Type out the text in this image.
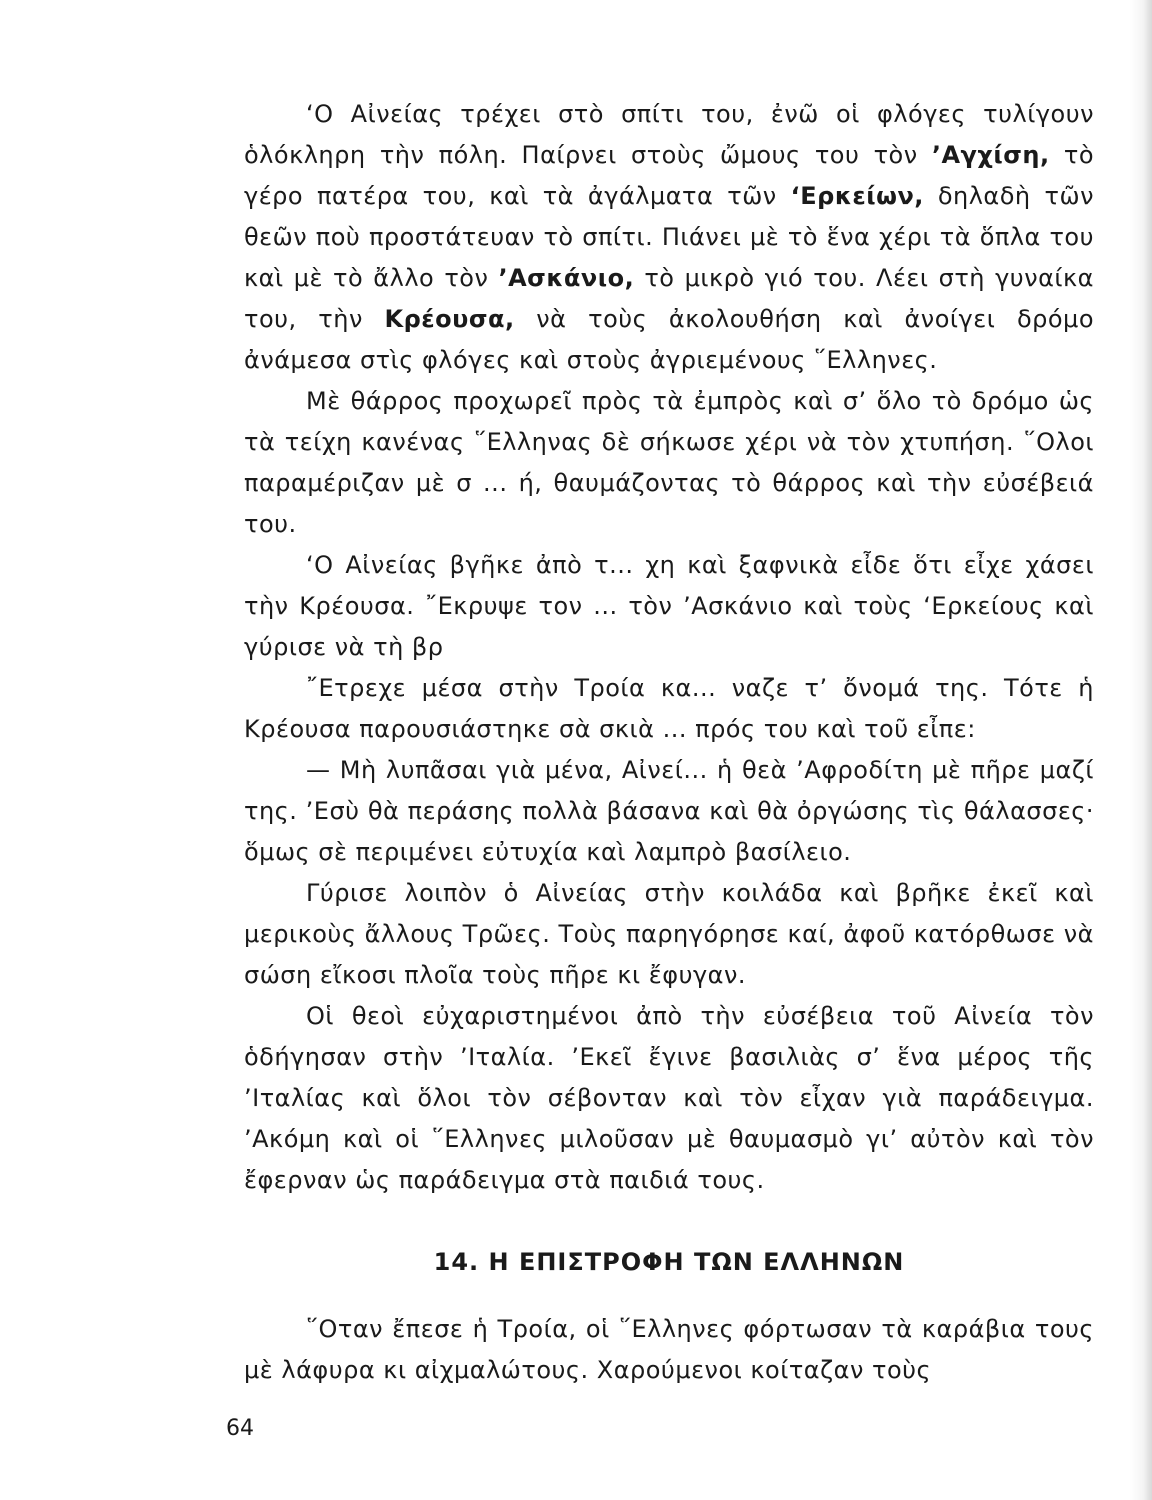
‘Ο Αἰνείας τρέχει στὸ σπίτι του, ἐνῶ οἱ φλόγες τυλίγουν ὁλόκληρη τὴν πόλη. Παίρνει στοὺς ὤμους του τὸν ’Αγχίση, τὸ γέρο πατέρα του, καὶ τὰ ἀγάλματα τῶν ‘Ερκείων, δηλαδὴ τῶν θεῶν ποὺ προστάτευαν τὸ σπίτι. Πιάνει μὲ τὸ ἕνα χέρι τὰ ὅπλα του καὶ μὲ τὸ ἄλλο τὸν ’Ασκάνιο, τὸ μικρὸ γιό του. Λέει στὴ γυναίκα του, τὴν Κρέουσα, νὰ τοὺς ἀκολουθήση καὶ ἀνοίγει δρόμο ἀνάμεσα στὶς φλόγες καὶ στοὺς ἀγριεμένους ῞Ελληνες.

Μὲ θάρρος προχωρεῖ πρὸς τὰ ἐμπρὸς καὶ σ’ ὅλο τὸ δρόμο ὡς τὰ τείχη κανένας ῞Ελληνας δὲ σήκωσε χέρι νὰ τὸν χτυπήση. ῞Ολοι παραμέριζαν μὲ σ ... ή, θαυμάζοντας τὸ θάρρος καὶ τὴν εὐσέβειά του.

‘Ο Αἰνείας βγῆκε ἀπὸ τ... χη καὶ ξαφνικὰ εἶδε ὅτι εἶχε χάσει τὴν Κρέουσα. ῎Εκρυψε τον ... τὸν ’Ασκάνιο καὶ τοὺς ‘Ερκείους καὶ γύρισε νὰ τὴ βρ

῎Ετρεχε μέσα στὴν Τροία κα... ναζε τ’ ὄνομά της. Τότε ἡ Κρέουσα παρουσιάστηκε σὰ σκιὰ ... πρός του καὶ τοῦ εἶπε:

— Μὴ λυπᾶσαι γιὰ μένα, Αἰνεί... ἡ θεὰ ’Αφροδίτη μὲ πῆρε μαζί της. ’Εσὺ θὰ περάσης πολλὰ βάσανα καὶ θὰ ὀργώσης τὶς θάλασσες· ὅμως σὲ περιμένει εὐτυχία καὶ λαμπρὸ βασίλειο.

Γύρισε λοιπὸν ὁ Αἰνείας στὴν κοιλάδα καὶ βρῆκε ἐκεῖ καὶ μερικοὺς ἄλλους Τρῶες. Τοὺς παρηγόρησε καί, ἀφοῦ κατόρθωσε νὰ σώση εἴκοσι πλοῖα τοὺς πῆρε κι ἔφυγαν.

Οἱ θεοὶ εὐχαριστημένοι ἀπὸ τὴν εὐσέβεια τοῦ Αἰνεία τὸν ὁδήγησαν στὴν ’Ιταλία. ’Εκεῖ ἔγινε βασιλιὰς σ’ ἕνα μέρος τῆς ’Ιταλίας καὶ ὅλοι τὸν σέβονταν καὶ τὸν εἶχαν γιὰ παράδειγμα. ’Ακόμη καὶ οἱ ῞Ελληνες μιλοῦσαν μὲ θαυμασμὸ γι’ αὐτὸν καὶ τὸν ἔφερναν ὡς παράδειγμα στὰ παιδιά τους.

14. Η ΕΠΙΣΤΡΟΦΗ ΤΩΝ ΕΛΛΗΝΩΝ

῞Οταν ἔπεσε ἡ Τροία, οἱ ῞Ελληνες φόρτωσαν τὰ καράβια τους μὲ λάφυρα κι αἰχμαλώτους. Χαρούμενοι κοίταζαν τοὺς

64
